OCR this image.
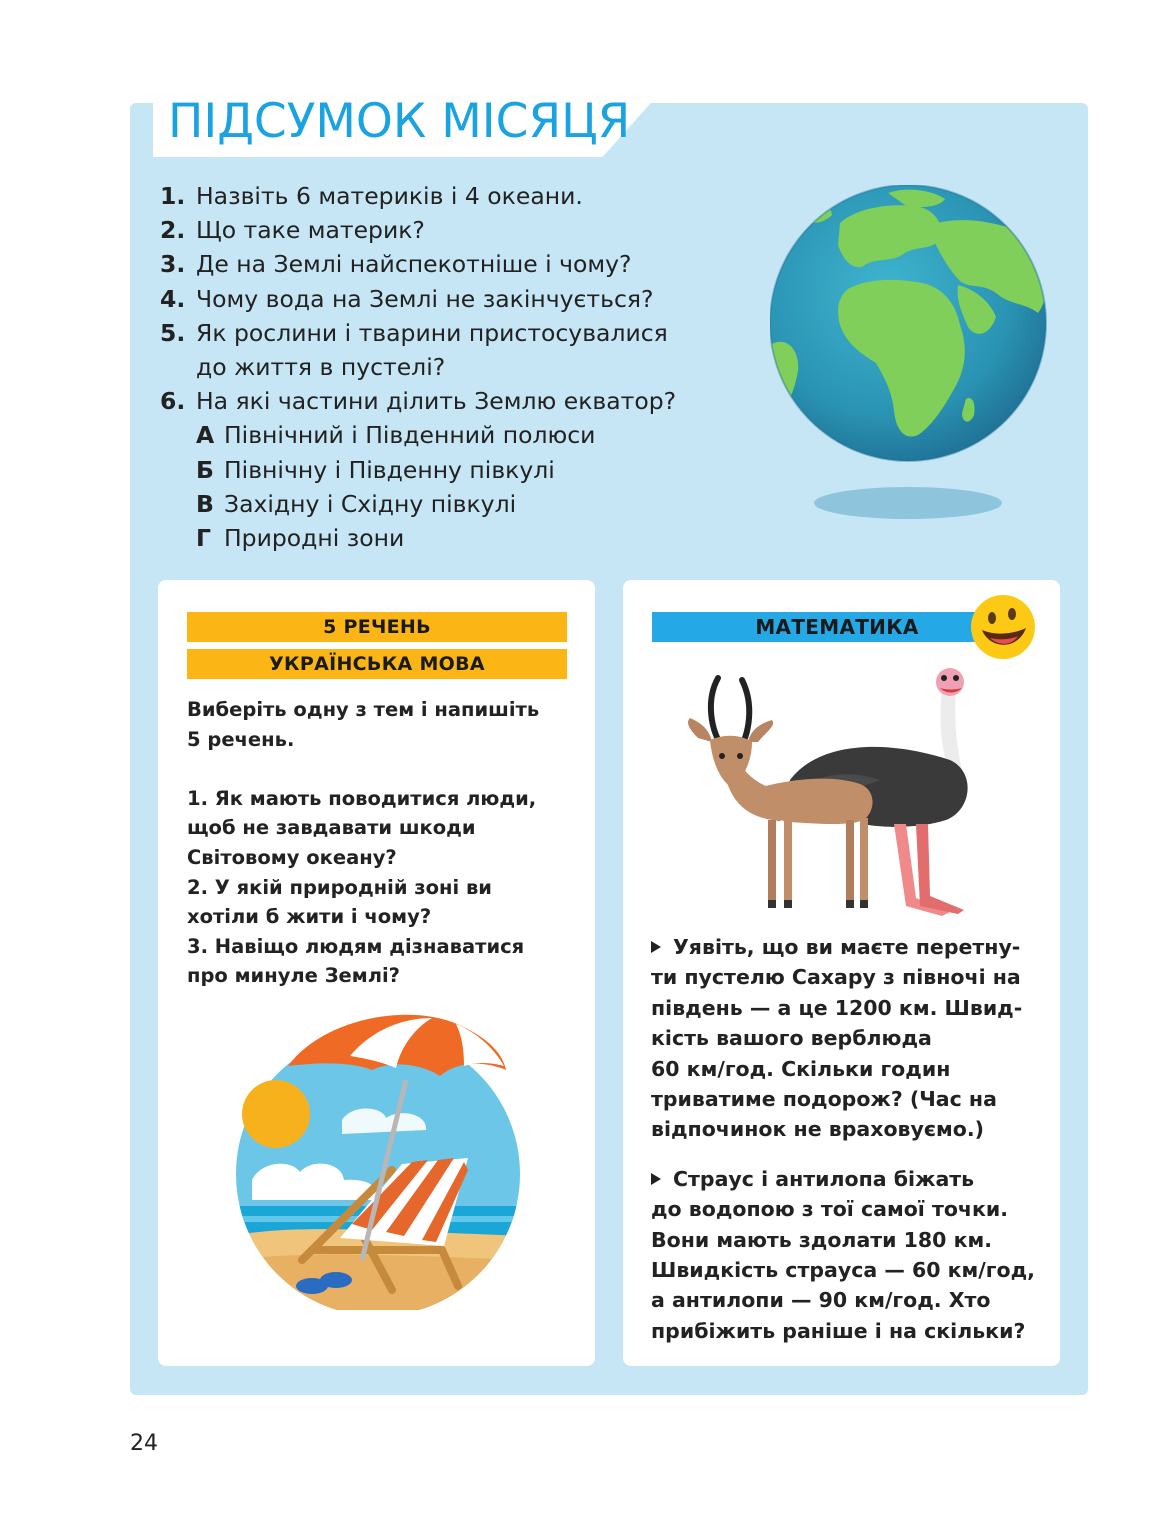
ПІДСУМОК МІСЯЦЯ
1. Назвіть 6 материків і 4 океани.
2. Що таке материк?
3. Де на Землі найспекотніше і чому?
4. Чому вода на Землі не закінчується?
5. Як рослини і тварини пристосувалися
до життя в пустелі?
6. На які частини ділить Землю екватор?
А Північний і Південний полюси
Б Північну і Південну півкулі
В Західну і Східну півкулі
Г Природні зони
5 РЕЧЕНЬ
УКРАЇНСЬКА МОВА

Виберіть одну з тем і напишіть
5 речень.

1. Як мають поводитися люди,
щоб не завдавати шкоди
Світовому океану?

2. У якій природній зоні ви
хотіли б жити і чому?

3. Навіщо людям дізнаватися
про минуле Землі?

МАТЕМАТИКА

Уявіть, що ви маєте перетну-
ти пустелю Сахару з півночі на
південь — а це 1200 км. Швид-
кість вашого верблюда
60 км/год. Скільки годин
триватиме подорож? (Час на
відпочинок не враховуємо.)

Страус і антилопа біжать
до водопою з тої самої точки.
Вони мають здолати 180 км.
Швидкість страуса — 60 км/год,
а антилопи — 90 км/год. Хто
прибіжить раніше і на скільки?

24
